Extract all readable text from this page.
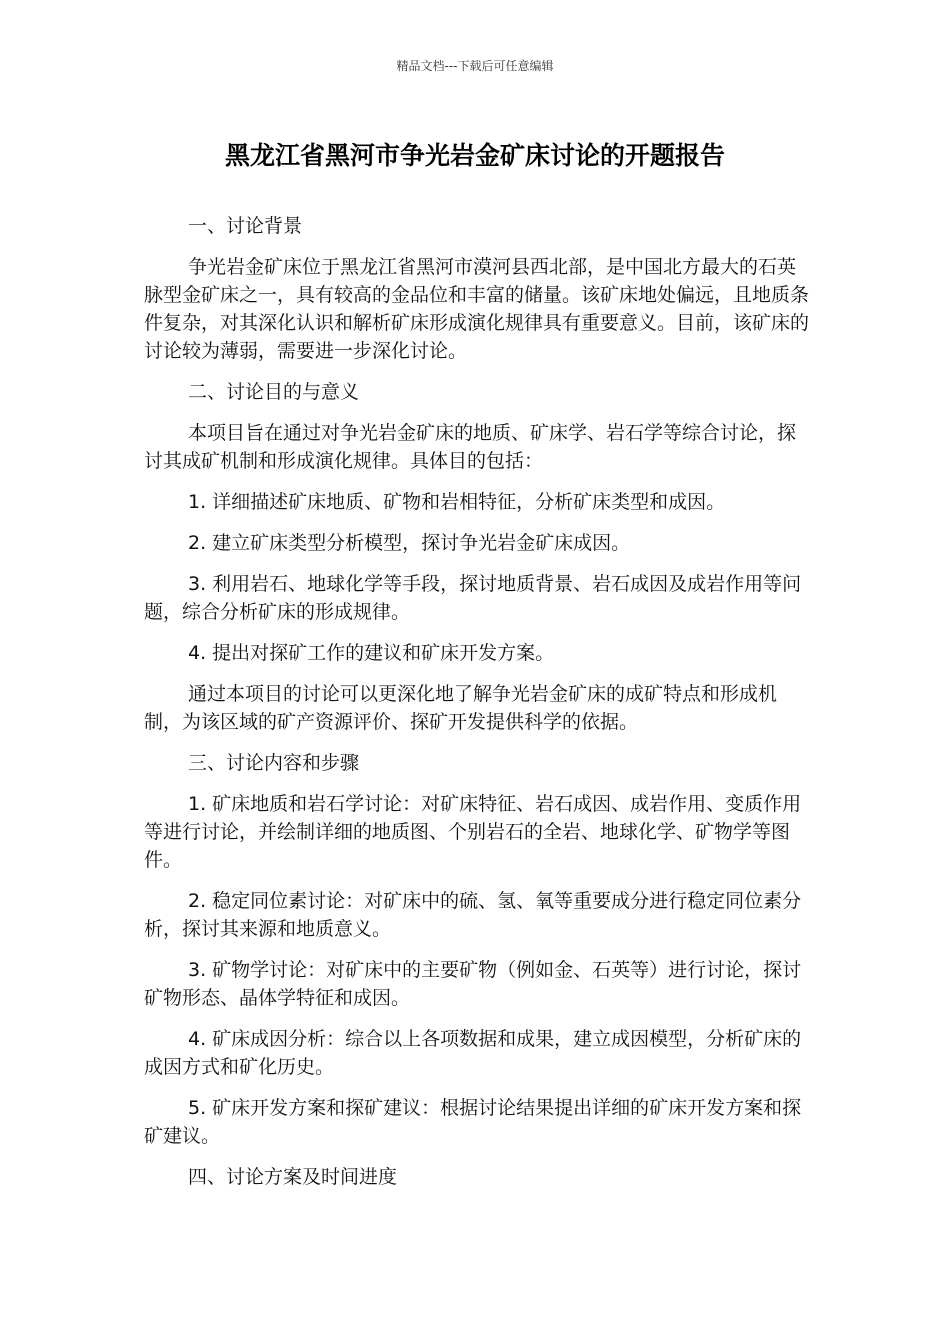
精品文档---下载后可任意编辑
黑龙江省黑河市争光岩金矿床讨论的开题报告
一、讨论背景
争光岩金矿床位于黑龙江省黑河市漠河县西北部，是中国北方最大的石英脉型金矿床之一，具有较高的金品位和丰富的储量。该矿床地处偏远，且地质条件复杂，对其深化认识和解析矿床形成演化规律具有重要意义。目前，该矿床的讨论较为薄弱，需要进一步深化讨论。
二、讨论目的与意义
本项目旨在通过对争光岩金矿床的地质、矿床学、岩石学等综合讨论，探讨其成矿机制和形成演化规律。具体目的包括：
1. 详细描述矿床地质、矿物和岩相特征，分析矿床类型和成因。
2. 建立矿床类型分析模型，探讨争光岩金矿床成因。
3. 利用岩石、地球化学等手段，探讨地质背景、岩石成因及成岩作用等问题，综合分析矿床的形成规律。
4. 提出对探矿工作的建议和矿床开发方案。
通过本项目的讨论可以更深化地了解争光岩金矿床的成矿特点和形成机制，为该区域的矿产资源评价、探矿开发提供科学的依据。
三、讨论内容和步骤
1. 矿床地质和岩石学讨论：对矿床特征、岩石成因、成岩作用、变质作用等进行讨论，并绘制详细的地质图、个别岩石的全岩、地球化学、矿物学等图件。
2. 稳定同位素讨论：对矿床中的硫、氢、氧等重要成分进行稳定同位素分析，探讨其来源和地质意义。
3. 矿物学讨论：对矿床中的主要矿物（例如金、石英等）进行讨论，探讨矿物形态、晶体学特征和成因。
4. 矿床成因分析：综合以上各项数据和成果，建立成因模型，分析矿床的成因方式和矿化历史。
5. 矿床开发方案和探矿建议：根据讨论结果提出详细的矿床开发方案和探矿建议。
四、讨论方案及时间进度
